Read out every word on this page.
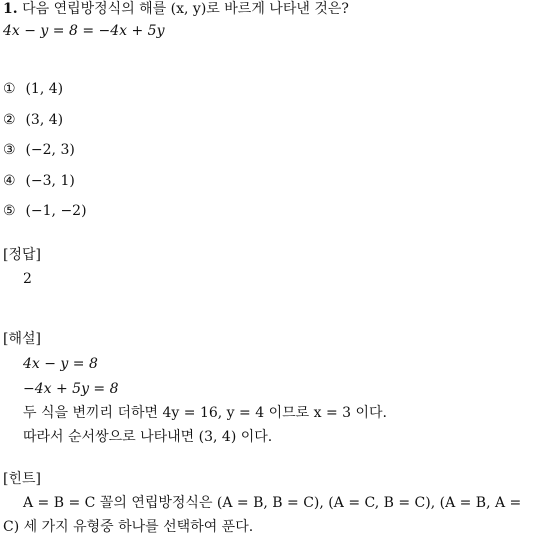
1. 다음 연립방정식의 해를 (x, y)로 바르게 나타낸 것은?
4x − y = 8 = −4x + 5y
① (1, 4)
② (3, 4)
③ (−2, 3)
④ (−3, 1)
⑤ (−1, −2)
[정답]
2
[해설]
4x − y = 8
−4x + 5y = 8
두 식을 변끼리 더하면 4y = 16, y = 4 이므로 x = 3 이다.
따라서 순서쌍으로 나타내면 (3, 4) 이다.
[힌트]
A = B = C 꼴의 연립방정식은 (A = B, B = C), (A = C, B = C), (A = B, A = C) 세 가지 유형중 하나를 선택하여 푼다.
